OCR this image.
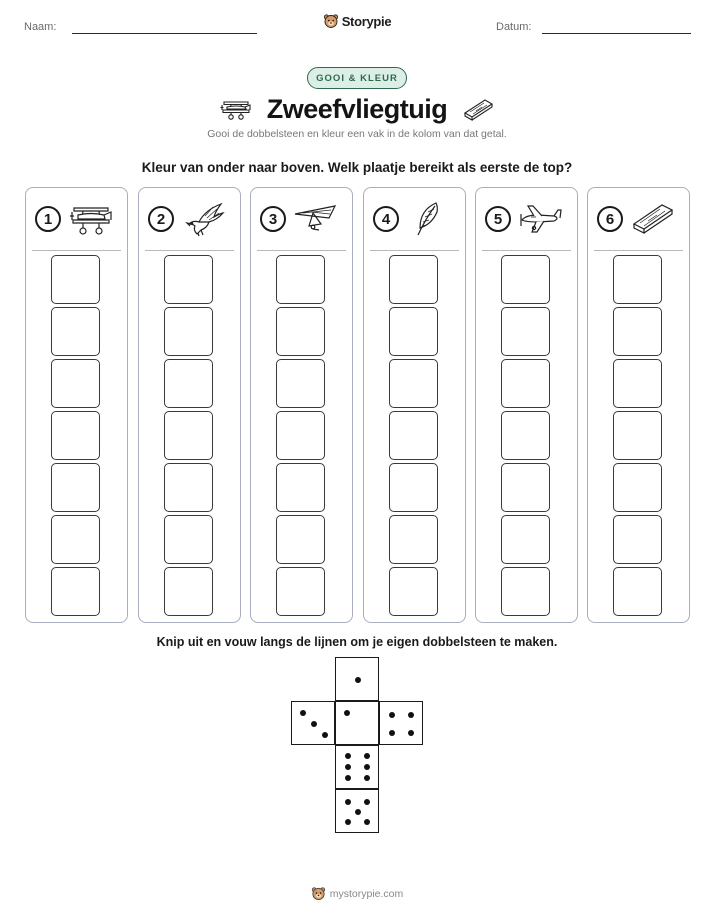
Naam:	Storypie	Datum:
GOOI & KLEUR
Zweefvliegtuig
Gooi de dobbelsteen en kleur een vak in de kolom van dat getal.
Kleur van onder naar boven. Welk plaatje bereikt als eerste de top?
1	2	3	4	5	6
Knip uit en vouw langs de lijnen om je eigen dobbelsteen te maken.
mystorypie.com
